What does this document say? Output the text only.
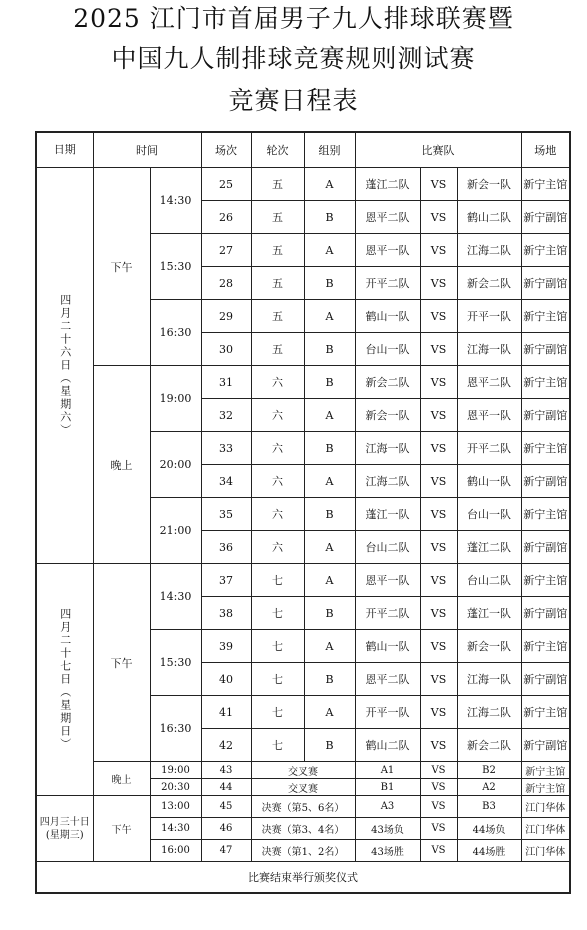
2025 江门市首届男子九人排球联赛暨
中国九人制排球竞赛规则测试赛
竞赛日程表
日期	时间		场次	轮次	组别	比赛队			场地

四月二十六日（星期六）	下午	14:30	25	五	A	蓬江二队	VS	新会一队	新宁主馆
			26	五	B	恩平二队	VS	鹤山二队	新宁副馆
		15:30	27	五	A	恩平一队	VS	江海二队	新宁主馆
			28	五	B	开平二队	VS	新会二队	新宁副馆
		16:30	29	五	A	鹤山一队	VS	开平一队	新宁主馆
			30	五	B	台山一队	VS	江海一队	新宁副馆
	晚上	19:00	31	六	B	新会二队	VS	恩平二队	新宁主馆
			32	六	A	新会一队	VS	恩平一队	新宁副馆
		20:00	33	六	B	江海一队	VS	开平二队	新宁主馆
			34	六	A	江海二队	VS	鹤山一队	新宁副馆
		21:00	35	六	B	蓬江一队	VS	台山一队	新宁主馆
			36	六	A	台山二队	VS	蓬江二队	新宁副馆

四月二十七日（星期日）	下午	14:30	37	七	A	恩平一队	VS	台山二队	新宁主馆
			38	七	B	开平二队	VS	蓬江一队	新宁副馆
		15:30	39	七	A	鹤山一队	VS	新会一队	新宁主馆
			40	七	B	恩平二队	VS	江海一队	新宁副馆
		16:30	41	七	A	开平一队	VS	江海二队	新宁主馆
			42	七	B	鹤山二队	VS	新会二队	新宁副馆
	晚上	19:00	43	交叉赛		A1	VS	B2	新宁主馆
		20:30	44	交叉赛		B1	VS	A2	新宁主馆

四月三十日
(星期三)	下午	13:00	45	决赛（第5、6名）		A3	VS	B3	江门华体
		14:30	46	决赛（第3、4名）		43场负	VS	44场负	江门华体
		16:00	47	决赛（第1、2名）		43场胜	VS	44场胜	江门华体
比赛结束举行颁奖仪式									
